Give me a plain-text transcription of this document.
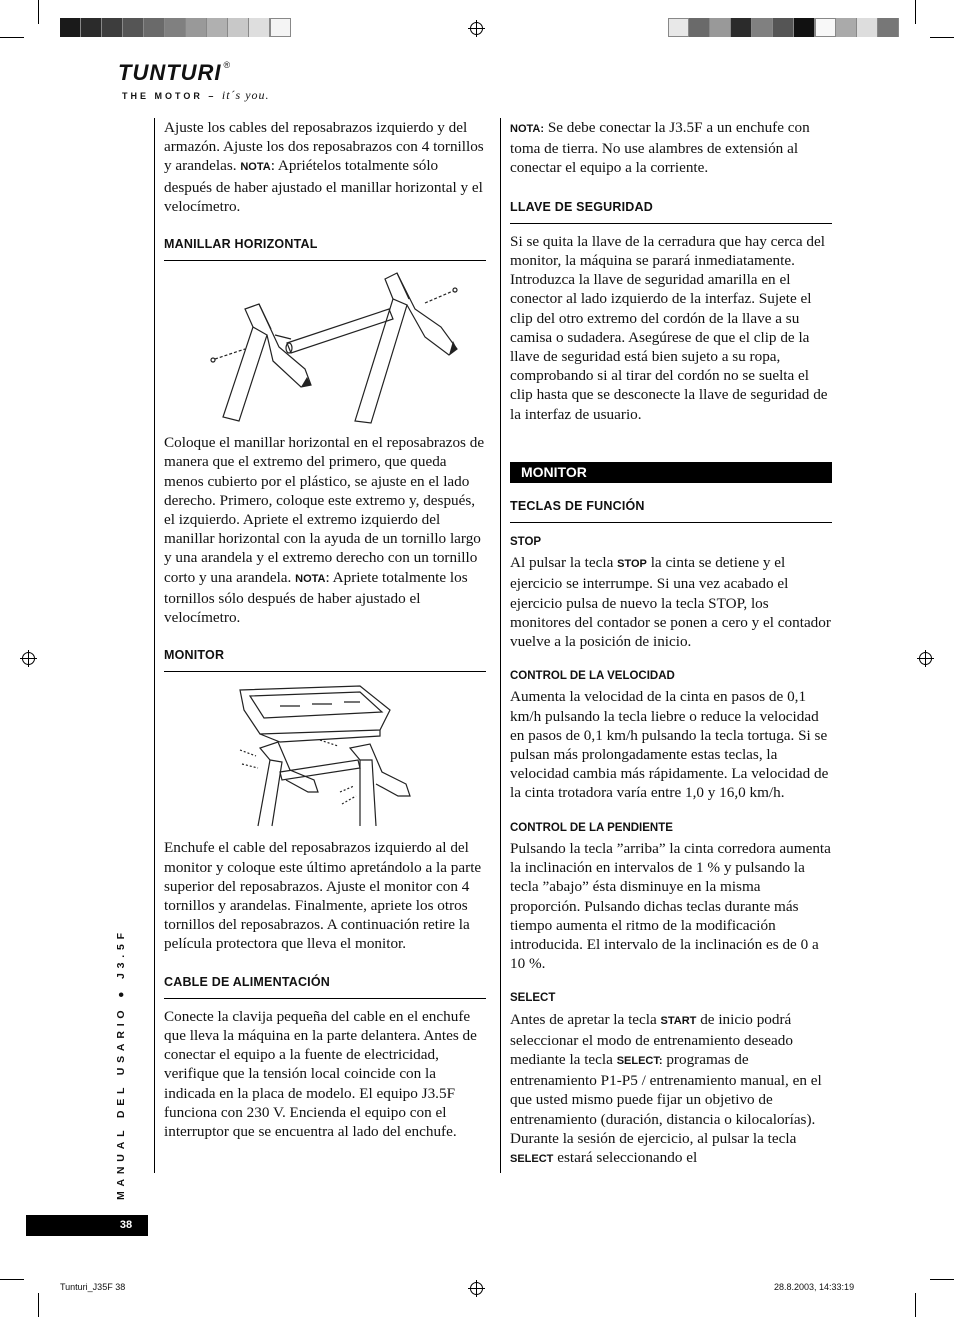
TUNTURI ®
THE MOTOR – it´s you.

Ajuste los cables del reposabrazos izquierdo y del armazón. Ajuste los dos reposabrazos con 4 tornillos y arandelas. NOTA: Apriételos totalmente sólo después de haber ajustado el manillar horizontal y el velocímetro.

MANILLAR HORIZONTAL

Coloque el manillar horizontal en el reposabrazos de manera que el extremo del primero, que queda menos cubierto por el plástico, se ajuste en el lado derecho. Primero, coloque este extremo y, después, el izquierdo. Apriete el extremo izquierdo del manillar horizontal con la ayuda de un tornillo largo y una arandela y el extremo derecho con un tornillo corto y una arandela. NOTA: Apriete totalmente los tornillos sólo después de haber ajustado el velocímetro.

MONITOR

Enchufe el cable del reposabrazos izquierdo al del monitor y coloque este último apretándolo a la parte superior del reposabrazos. Ajuste el monitor con 4 tornillos y arandelas. Finalmente, apriete los otros tornillos del reposabrazos. A continuación retire la película protectora que lleva el monitor.

CABLE DE ALIMENTACIÓN

Conecte la clavija pequeña del cable en el enchufe que lleva la máquina en la parte delantera. Antes de conectar el equipo a la fuente de electricidad, verifique que la tensión local coincide con la indicada en la placa de modelo. El equipo J3.5F funciona con 230 V. Encienda el equipo con el interruptor que se encuentra al lado del enchufe.

NOTA: Se debe conectar la J3.5F a un enchufe con toma de tierra. No use alambres de extensión al conectar el equipo a la corriente.

LLAVE DE SEGURIDAD

Si se quita la llave de la cerradura que hay cerca del monitor, la máquina se parará inmediatamente. Introduzca la llave de seguridad amarilla en el conector al lado izquierdo de la interfaz. Sujete el clip del otro extremo del cordón de la llave a su camisa o sudadera. Asegúrese de que el clip de la llave de seguridad está bien sujeto a su ropa, comprobando si al tirar del cordón no se suelta el clip hasta que se desconecte la llave de seguridad de la interfaz de usuario.

MONITOR
TECLAS DE FUNCIÓN
STOP

Al pulsar la tecla STOP la cinta se detiene y el ejercicio se interrumpe. Si una vez acabado el ejercicio pulsa de nuevo la tecla STOP, los monitores del contador se ponen a cero y el contador vuelve a la posición de inicio.

CONTROL DE LA VELOCIDAD

Aumenta la velocidad de la cinta en pasos de 0,1 km/h pulsando la tecla liebre o reduce la velocidad en pasos de 0,1 km/h pulsando la tecla tortuga. Si se pulsan más prolongadamente estas teclas, la velocidad cambia más rápidamente. La velocidad de la cinta trotadora varía entre 1,0 y 16,0 km/h.

CONTROL DE LA PENDIENTE

Pulsando la tecla ”arriba” la cinta corredora aumenta la inclinación en intervalos de 1 % y pulsando la tecla ”abajo” ésta disminuye en la misma proporción. Pulsando dichas teclas durante más tiempo aumenta el ritmo de la modificación introducida. El intervalo de la inclinación es de 0 a 10 %.

SELECT

Antes de apretar la tecla START de inicio podrá seleccionar el modo de entrenamiento deseado mediante la tecla SELECT: programas de entrenamiento P1-P5 / entrenamiento manual, en el que usted mismo puede fijar un objetivo de entrenamiento (duración, distancia o kilocalorías). Durante la sesión de ejercicio, al pulsar la tecla SELECT estará seleccionando el

MANUAL DEL USARIO ● J3.5F
38
Tunturi_J35F 38	28.8.2003, 14:33:19
